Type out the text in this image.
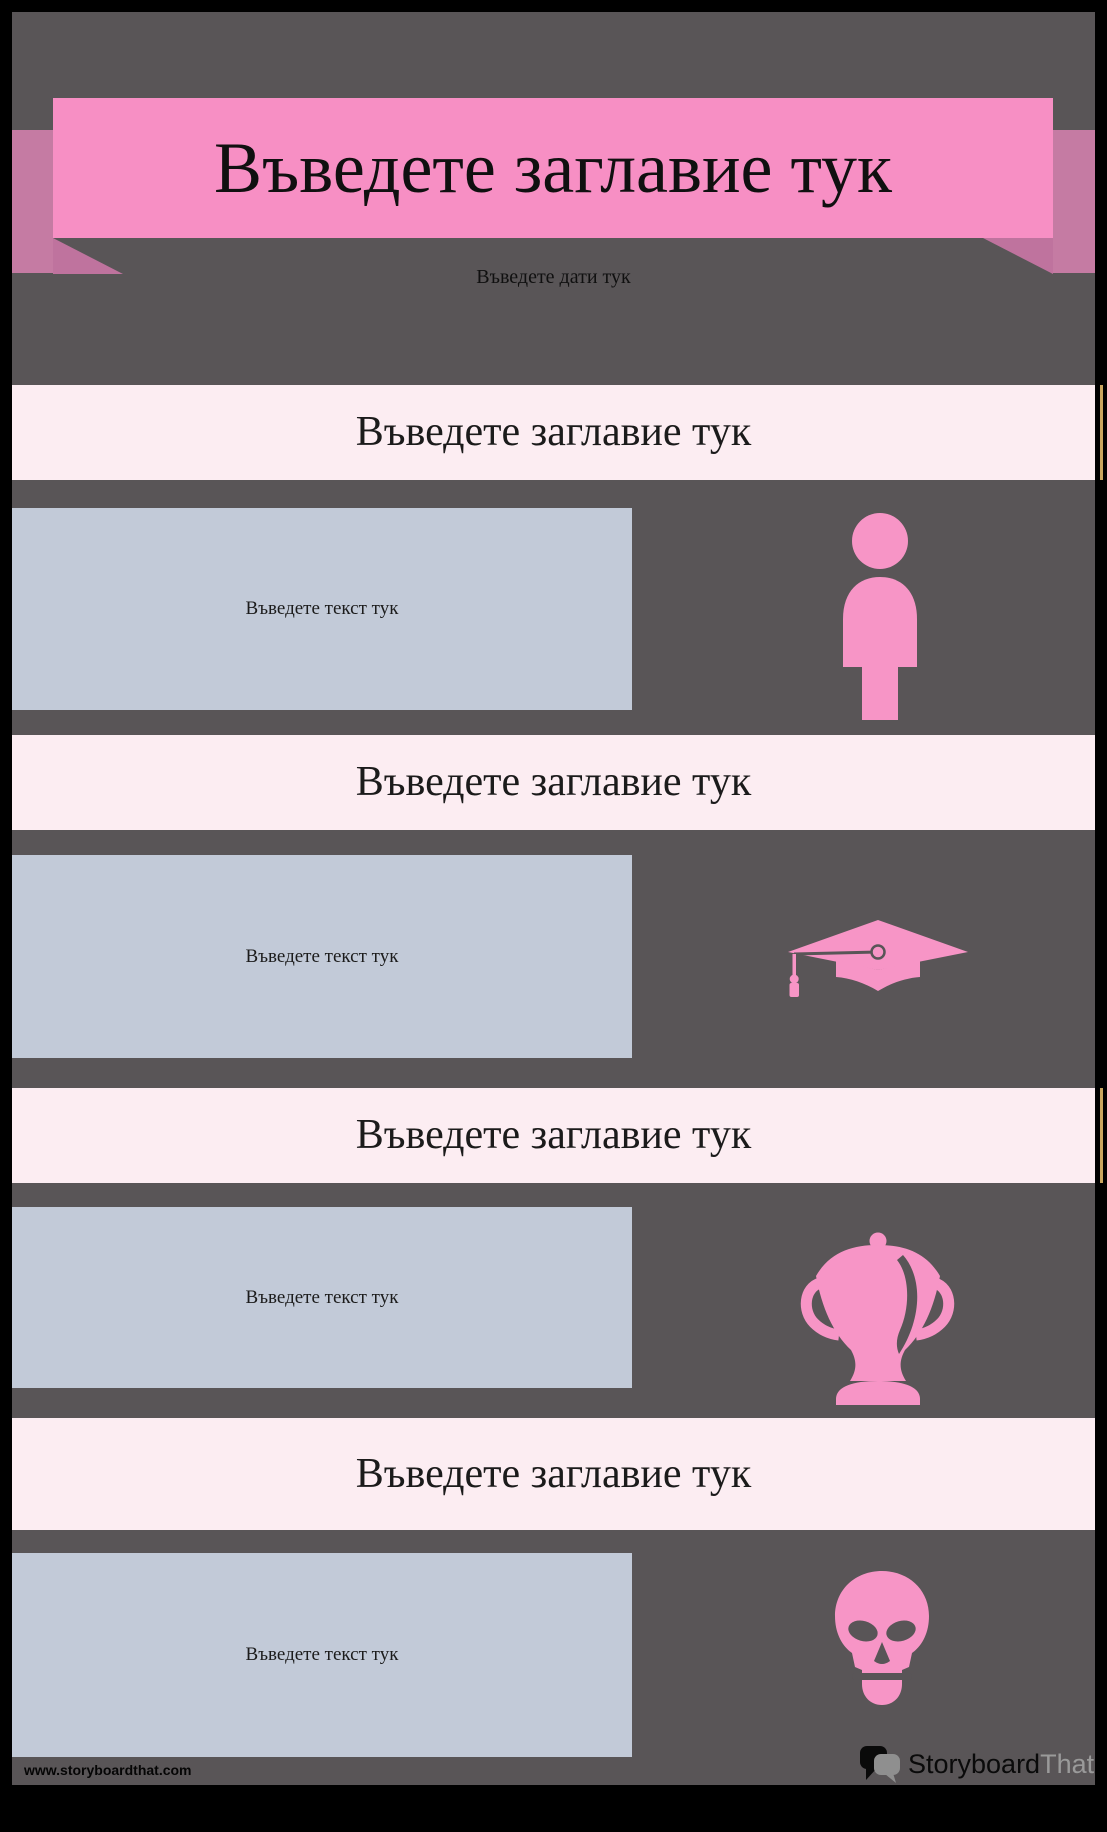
Въведете заглавие тук
Въведете дати тук
Въведете заглавие тук
Въведете текст тук
Въведете заглавие тук
Въведете текст тук
Въведете заглавие тук
Въведете текст тук
Въведете заглавие тук
Въведете текст тук
www.storyboardthat.com	StoryboardThat
